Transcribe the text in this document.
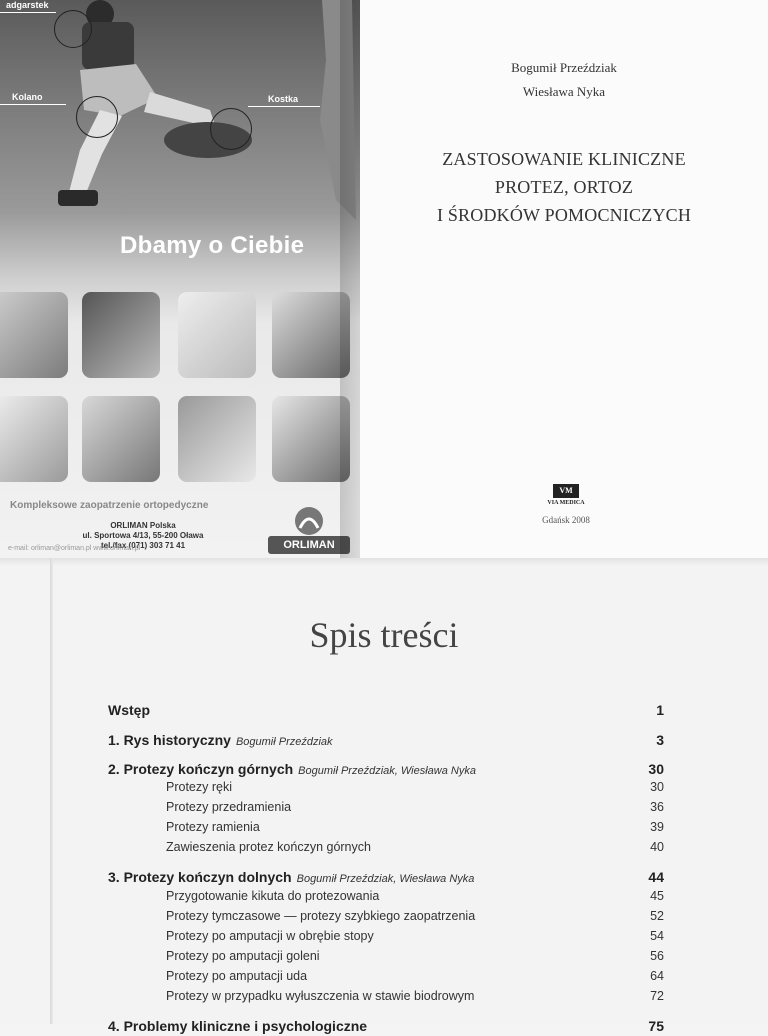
adgarstek
Kolano	Kostka
Dbamy o Ciebie
Kompleksowe zaopatrzenie ortopedyczne
ORLIMAN Polska
ul. Sportowa 4/13, 55-200 Oława
tel./fax (071) 303 71 41
e-mail: orliman@orliman.pl www.orliman.pl	ORLIMAN
Bogumił Przeździak
Wiesława Nyka
ZASTOSOWANIE KLINICZNE
PROTEZ, ORTOZ
I ŚRODKÓW POMOCNICZYCH
VM
VIA MEDICA
Gdańsk 2008
Spis treści
Wstęp	1
1. Rys historyczny Bogumił Przeździak	3
2. Protezy kończyn górnych Bogumił Przeździak, Wiesława Nyka	30
Protezy ręki	30
Protezy przedramienia	36
Protezy ramienia	39
Zawieszenia protez kończyn górnych	40
3. Protezy kończyn dolnych Bogumił Przeździak, Wiesława Nyka	44
Przygotowanie kikuta do protezowania	45
Protezy tymczasowe — protezy szybkiego zaopatrzenia	52
Protezy po amputacji w obrębie stopy	54
Protezy po amputacji goleni	56
Protezy po amputacji uda	64
Protezy w przypadku wyłuszczenia w stawie biodrowym	72
4. Problemy kliniczne i psychologiczne	75
